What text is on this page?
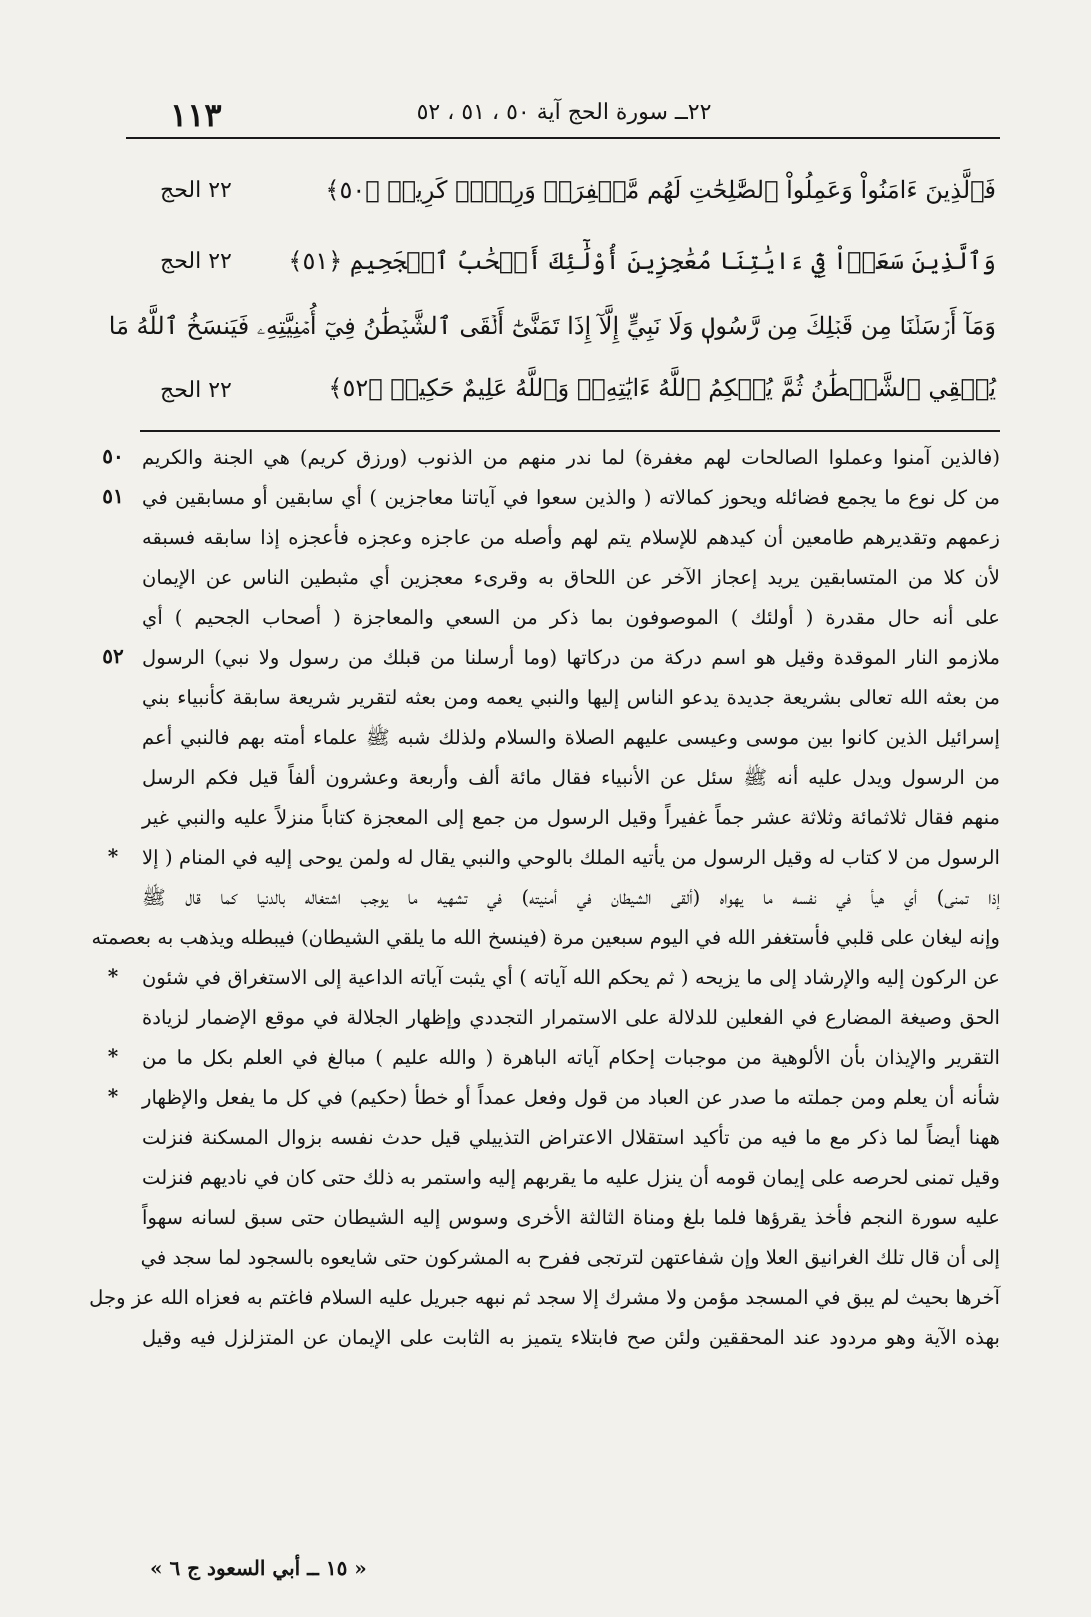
١١٣	٢٢ــ سورة الحج آية ٥٠ ، ٥١ ، ٥٢
فَٱلَّذِينَ ءَامَنُواْ وَعَمِلُواْ ٱلصَّٰلِحَٰتِ لَهُم مَّغۡفِرَةٞ وَرِزۡقٞ كَرِيمٞ ﴿٥٠﴾
٢٢ الحج
وَٱلَّذِينَ سَعَوۡاْ فِيٓ ءَايَٰتِنَا مُعَٰجِزِينَ أُوْلَٰٓئِكَ أَصۡحَٰبُ ٱلۡجَحِيمِ ﴿٥١﴾
٢٢ الحج
وَمَآ أَرۡسَلۡنَا مِن قَبۡلِكَ مِن رَّسُولٖ وَلَا نَبِيٍّ إِلَّآ إِذَا تَمَنَّىٰٓ أَلۡقَى ٱلشَّيۡطَٰنُ فِيٓ أُمۡنِيَّتِهِۦ فَيَنسَخُ ٱللَّهُ مَا
يُلۡقِي ٱلشَّيۡطَٰنُ ثُمَّ يُحۡكِمُ ٱللَّهُ ءَايَٰتِهِۦۗ وَٱللَّهُ عَلِيمٌ حَكِيمٞ ﴿٥٢﴾
٢٢ الحج
٥٠ (فالذين آمنوا وعملوا الصالحات لهم مغفرة) لما ندر منهم من الذنوب (ورزق كريم) هي الجنة والكريم
٥١ من كل نوع ما يجمع فضائله ويحوز كمالاته ( والذين سعوا في آياتنا معاجزين ) أي سابقين أو مسابقين في
زعمهم وتقديرهم طامعين أن كيدهم للإسلام يتم لهم وأصله من عاجزه وعجزه فأعجزه إذا سابقه فسبقه
لأن كلا من المتسابقين يريد إعجاز الآخر عن اللحاق به وقرىء معجزين أي مثبطين الناس عن الإيمان
على أنه حال مقدرة ( أولئك ) الموصوفون بما ذكر من السعي والمعاجزة ( أصحاب الجحيم ) أي
٥٢ ملازمو النار الموقدة وقيل هو اسم دركة من دركاتها (وما أرسلنا من قبلك من رسول ولا نبي) الرسول
من بعثه الله تعالى بشريعة جديدة يدعو الناس إليها والنبي يعمه ومن بعثه لتقرير شريعة سابقة كأنبياء بني
إسرائيل الذين كانوا بين موسى وعيسى عليهم الصلاة والسلام ولذلك شبه ﷺ علماء أمته بهم فالنبي أعم
من الرسول ويدل عليه أنه ﷺ سئل عن الأنبياء فقال مائة ألف وأربعة وعشرون ألفاً قيل فكم الرسل
منهم فقال ثلاثمائة وثلاثة عشر جماً غفيراً وقيل الرسول من جمع إلى المعجزة كتاباً منزلاً عليه والنبي غير
*	الرسول من لا كتاب له وقيل الرسول من يأتيه الملك بالوحي والنبي يقال له ولمن يوحى إليه في المنام ( إلا
إذا تمنى) أي هيأ في نفسه ما يهواه (ألقى الشيطان في أمنيته) في تشهيه ما يوجب اشتغاله بالدنيا كما قال ﷺ
وإنه ليغان على قلبي فأستغفر الله في اليوم سبعين مرة (فينسخ الله ما يلقي الشيطان) فيبطله ويذهب به بعصمته
*	عن الركون إليه والإرشاد إلى ما يزيحه ( ثم يحكم الله آياته ) أي يثبت آياته الداعية إلى الاستغراق في شئون
الحق وصيغة المضارع في الفعلين للدلالة على الاستمرار التجددي وإظهار الجلالة في موقع الإضمار لزيادة
*	التقرير والإيذان بأن الألوهية من موجبات إحكام آياته الباهرة ( والله عليم ) مبالغ في العلم بكل ما من
*	شأنه أن يعلم ومن جملته ما صدر عن العباد من قول وفعل عمداً أو خطأ (حكيم) في كل ما يفعل والإظهار
ههنا أيضاً لما ذكر مع ما فيه من تأكيد استقلال الاعتراض التذييلي قيل حدث نفسه بزوال المسكنة فنزلت
وقيل تمنى لحرصه على إيمان قومه أن ينزل عليه ما يقربهم إليه واستمر به ذلك حتى كان في ناديهم فنزلت
عليه سورة النجم فأخذ يقرؤها فلما بلغ ومناة الثالثة الأخرى وسوس إليه الشيطان حتى سبق لسانه سهواً
إلى أن قال تلك الغرانيق العلا وإن شفاعتهن لترتجى ففرح به المشركون حتى شايعوه بالسجود لما سجد في
آخرها بحيث لم يبق في المسجد مؤمن ولا مشرك إلا سجد ثم نبهه جبريل عليه السلام فاغتم به فعزاه الله عز وجل
بهذه الآية وهو مردود عند المحققين ولئن صح فابتلاء يتميز به الثابت على الإيمان عن المتزلزل فيه وقيل
« ١٥ ــ أبي السعود ج ٦ »
